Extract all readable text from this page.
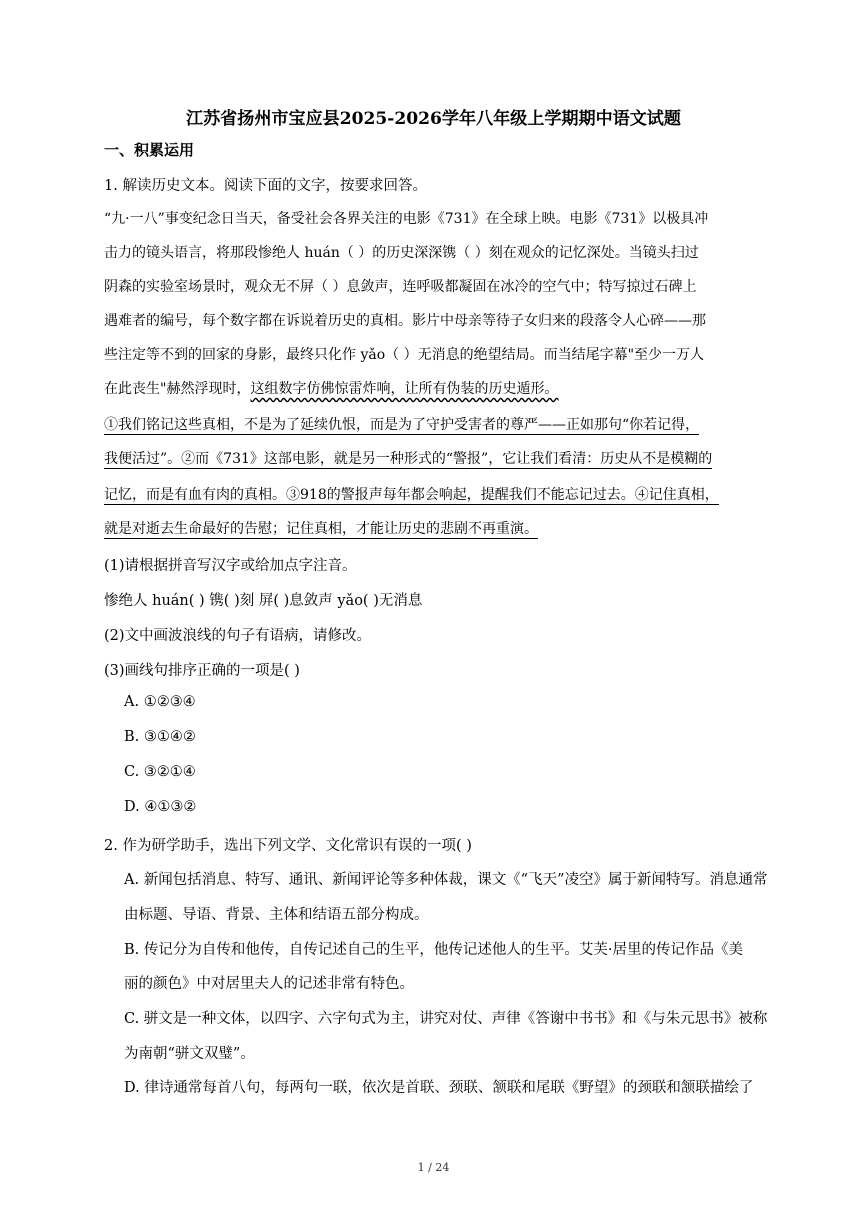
江苏省扬州市宝应县2025-2026学年八年级上学期期中语文试题
一、积累运用
1. 解读历史文本。阅读下面的文字，按要求回答。
“九·一八”事变纪念日当天，备受社会各界关注的电影《731》在全球上映。电影《731》以极具冲
击力的镜头语言，将那段惨绝人 huán（ ）的历史深深镌（ ）刻在观众的记忆深处。当镜头扫过
阴森的实验室场景时，观众无不屏（ ）息敛声，连呼吸都凝固在冰冷的空气中；特写掠过石碑上
遇难者的编号，每个数字都在诉说着历史的真相。影片中母亲等待子女归来的段落令人心碎——那
些注定等不到的回家的身影，最终只化作 yǎo（ ）无消息的绝望结局。而当结尾字幕"至少一万人
在此丧生"赫然浮现时，这组数字仿佛惊雷炸响，让所有伪装的历史遁形。
①我们铭记这些真相，不是为了延续仇恨，而是为了守护受害者的尊严——正如那句“你若记得，
我便活过”。②而《731》这部电影，就是另一种形式的“警报”，它让我们看清：历史从不是模糊的
记忆，而是有血有肉的真相。③918的警报声每年都会响起，提醒我们不能忘记过去。④记住真相，
就是对逝去生命最好的告慰；记住真相，才能让历史的悲剧不再重演。
(1)请根据拼音写汉字或给加点字注音。
惨绝人 huán( ) 镌( )刻 屏( )息敛声 yǎo( )无消息
(2)文中画波浪线的句子有语病，请修改。
(3)画线句排序正确的一项是( )
A. ①②③④
B. ③①④②
C. ③②①④
D. ④①③②
2. 作为研学助手，选出下列文学、文化常识有误的一项( )
A. 新闻包括消息、特写、通讯、新闻评论等多种体裁，课文《“飞天”凌空》属于新闻特写。消息通常
由标题、导语、背景、主体和结语五部分构成。
B. 传记分为自传和他传，自传记述自己的生平，他传记述他人的生平。艾芙·居里的传记作品《美
丽的颜色》中对居里夫人的记述非常有特色。
C. 骈文是一种文体，以四字、六字句式为主，讲究对仗、声律《答谢中书书》和《与朱元思书》被称
为南朝“骈文双璧”。
D. 律诗通常每首八句，每两句一联，依次是首联、颈联、颔联和尾联《野望》的颈联和颔联描绘了
1 / 24
